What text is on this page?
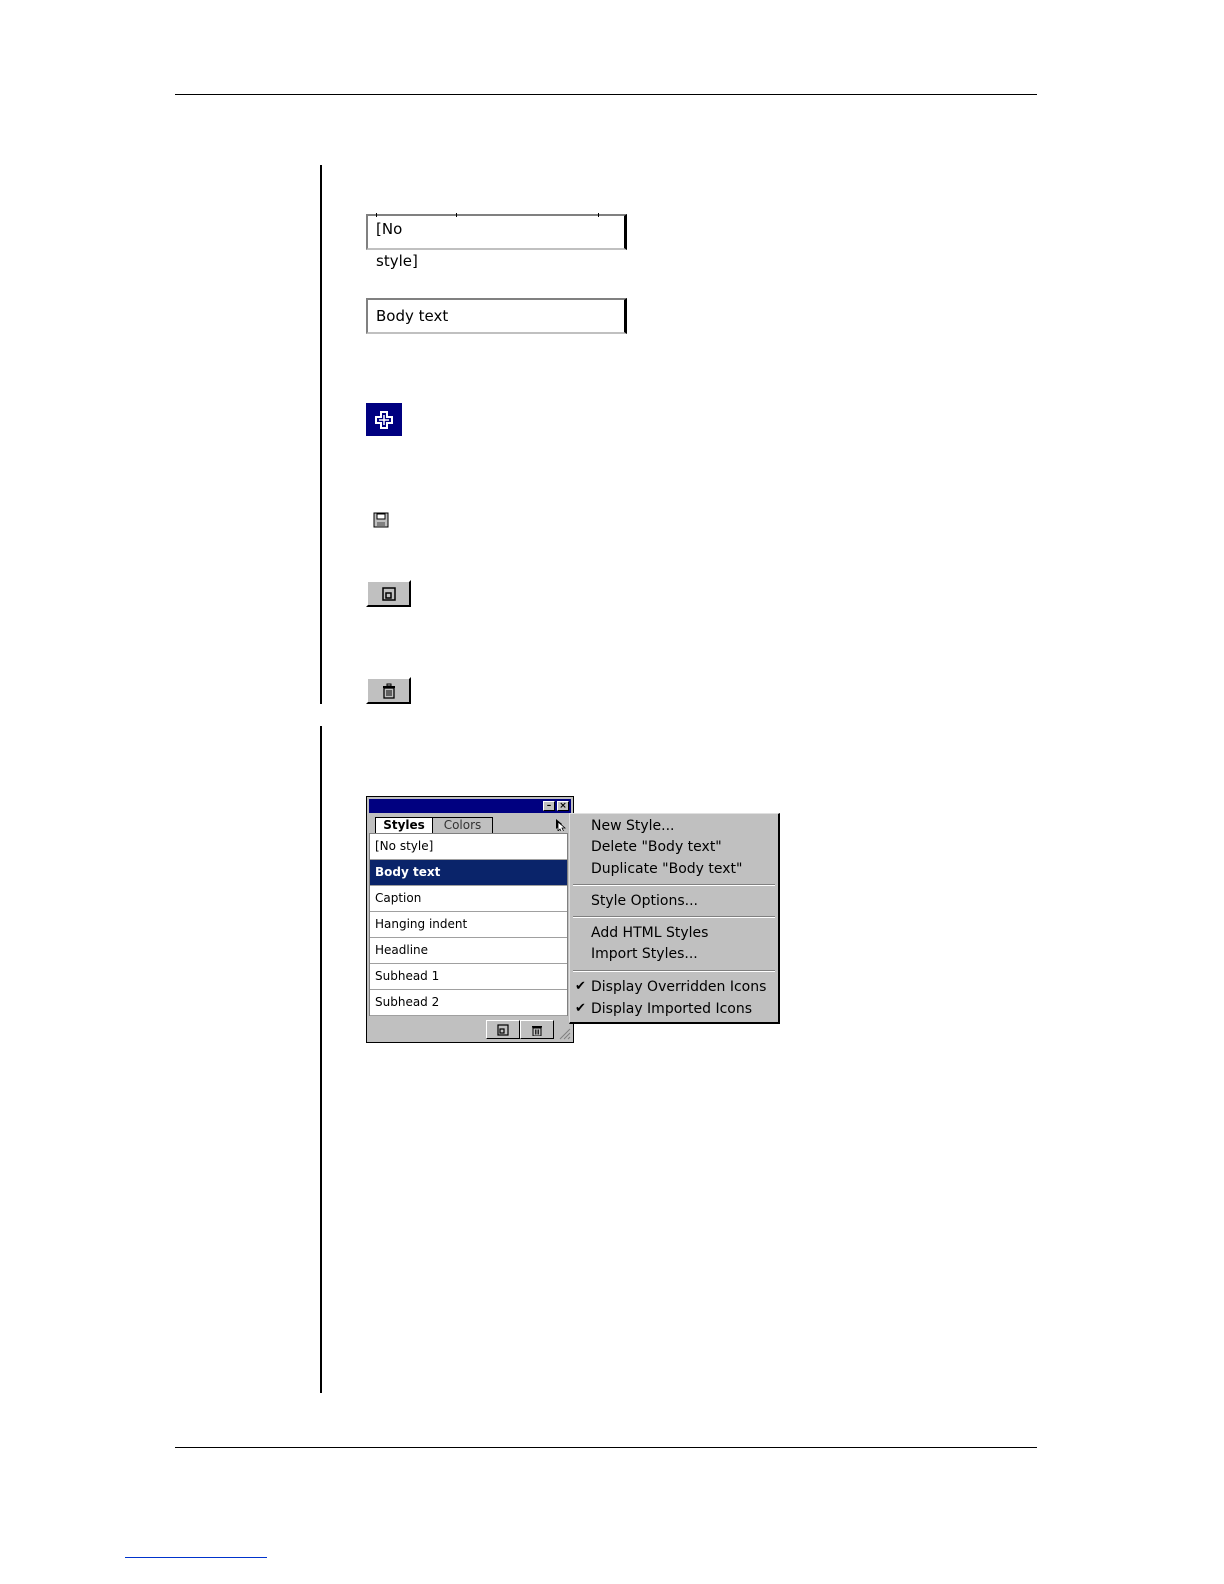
[No style]
Body text
– ×
Styles	Colors
[No style]
Body text
Caption
Hanging indent
Headline
Subhead 1
Subhead 2
New Style...
Delete "Body text"
Duplicate "Body text"
Style Options...
Add HTML Styles
Import Styles...
✔ Display Overridden Icons
✔ Display Imported Icons
